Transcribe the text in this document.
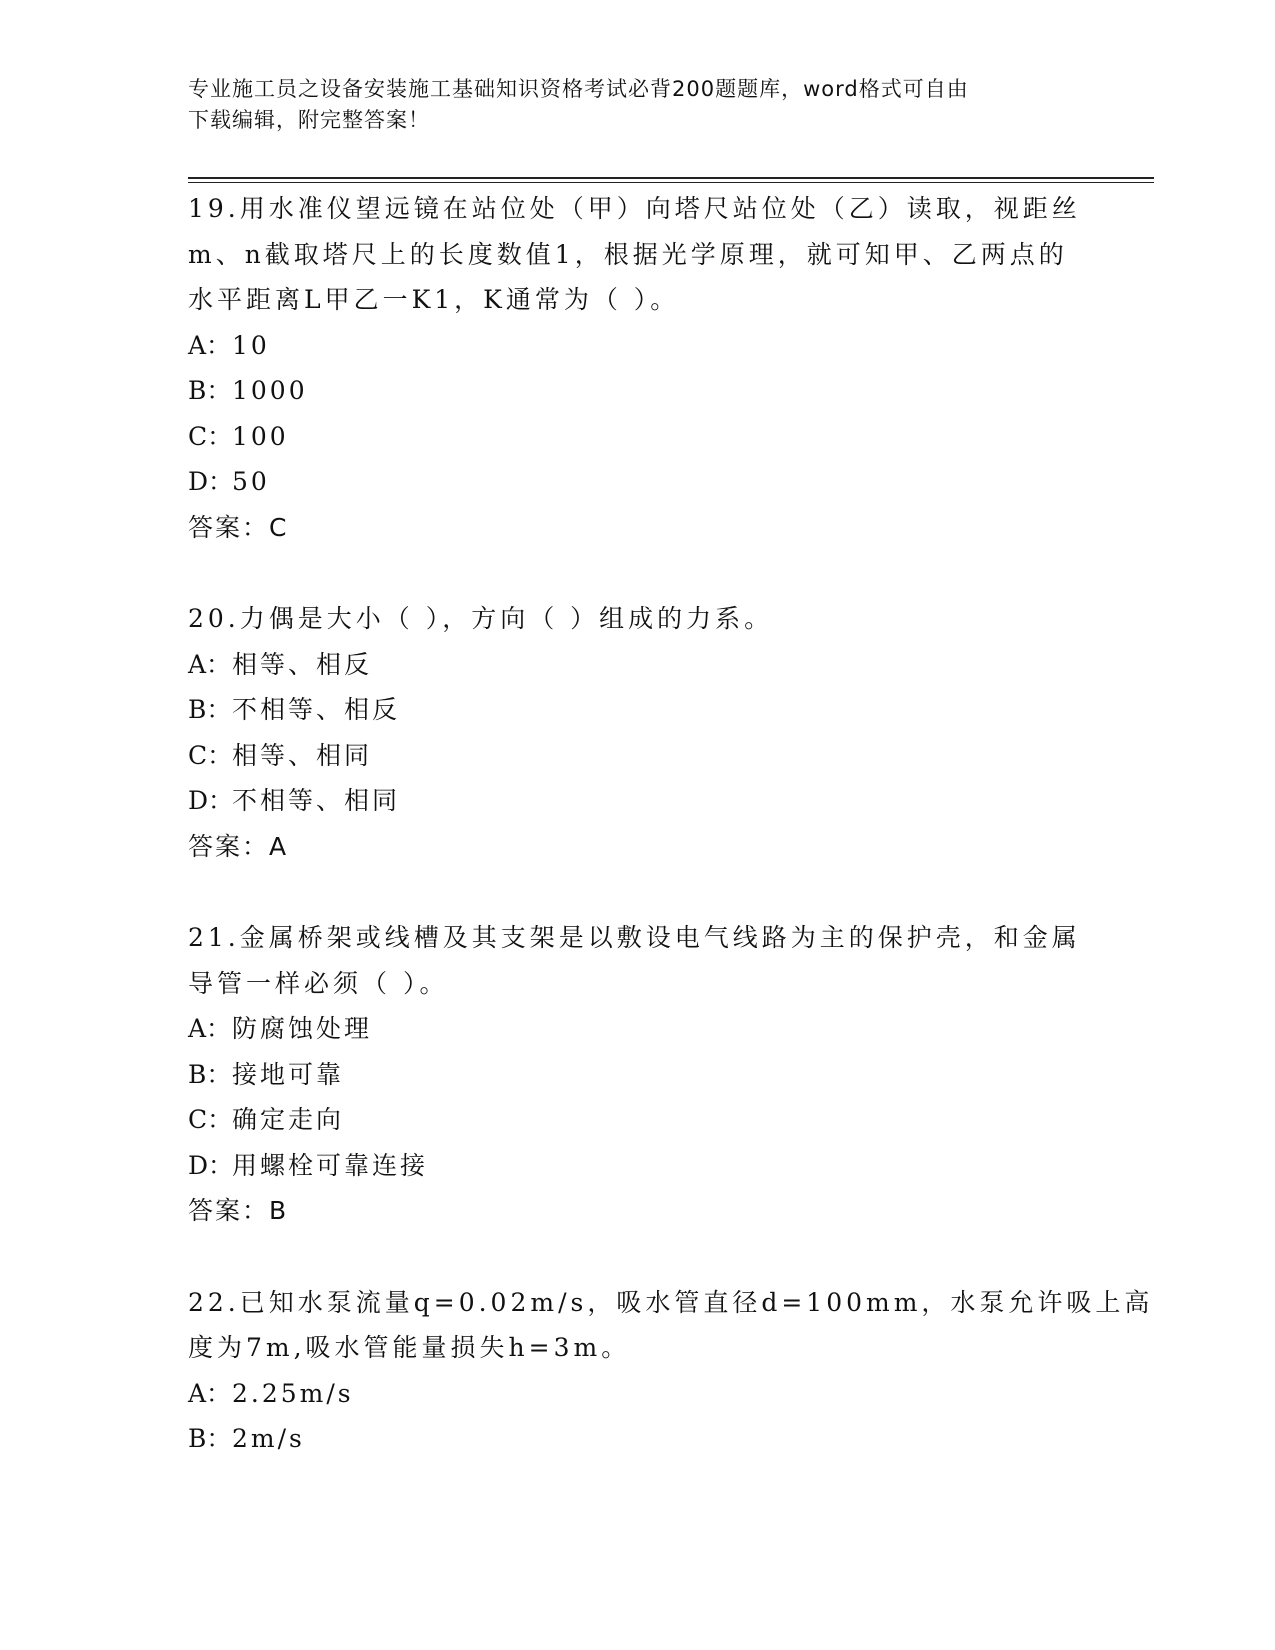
专业施工员之设备安装施工基础知识资格考试必背200题题库，word格式可自由
下载编辑，附完整答案！
19.用水准仪望远镜在站位处（甲）向塔尺站位处（乙）读取，视距丝
m、n截取塔尺上的长度数值1，根据光学原理，就可知甲、乙两点的
水平距离L甲乙一K1，K通常为（ ）。
A：10
B：1000
C：100
D：50
答案：C
20.力偶是大小（ ），方向（ ）组成的力系。
A：相等、相反
B：不相等、相反
C：相等、相同
D：不相等、相同
答案：A
21.金属桥架或线槽及其支架是以敷设电气线路为主的保护壳，和金属
导管一样必须（ ）。
A：防腐蚀处理
B：接地可靠
C：确定走向
D：用螺栓可靠连接
答案：B
22.已知水泵流量q=0.02m/s，吸水管直径d=100mm，水泵允许吸上高
度为7m,吸水管能量损失h=3m。
A：2.25m/s
B：2m/s
